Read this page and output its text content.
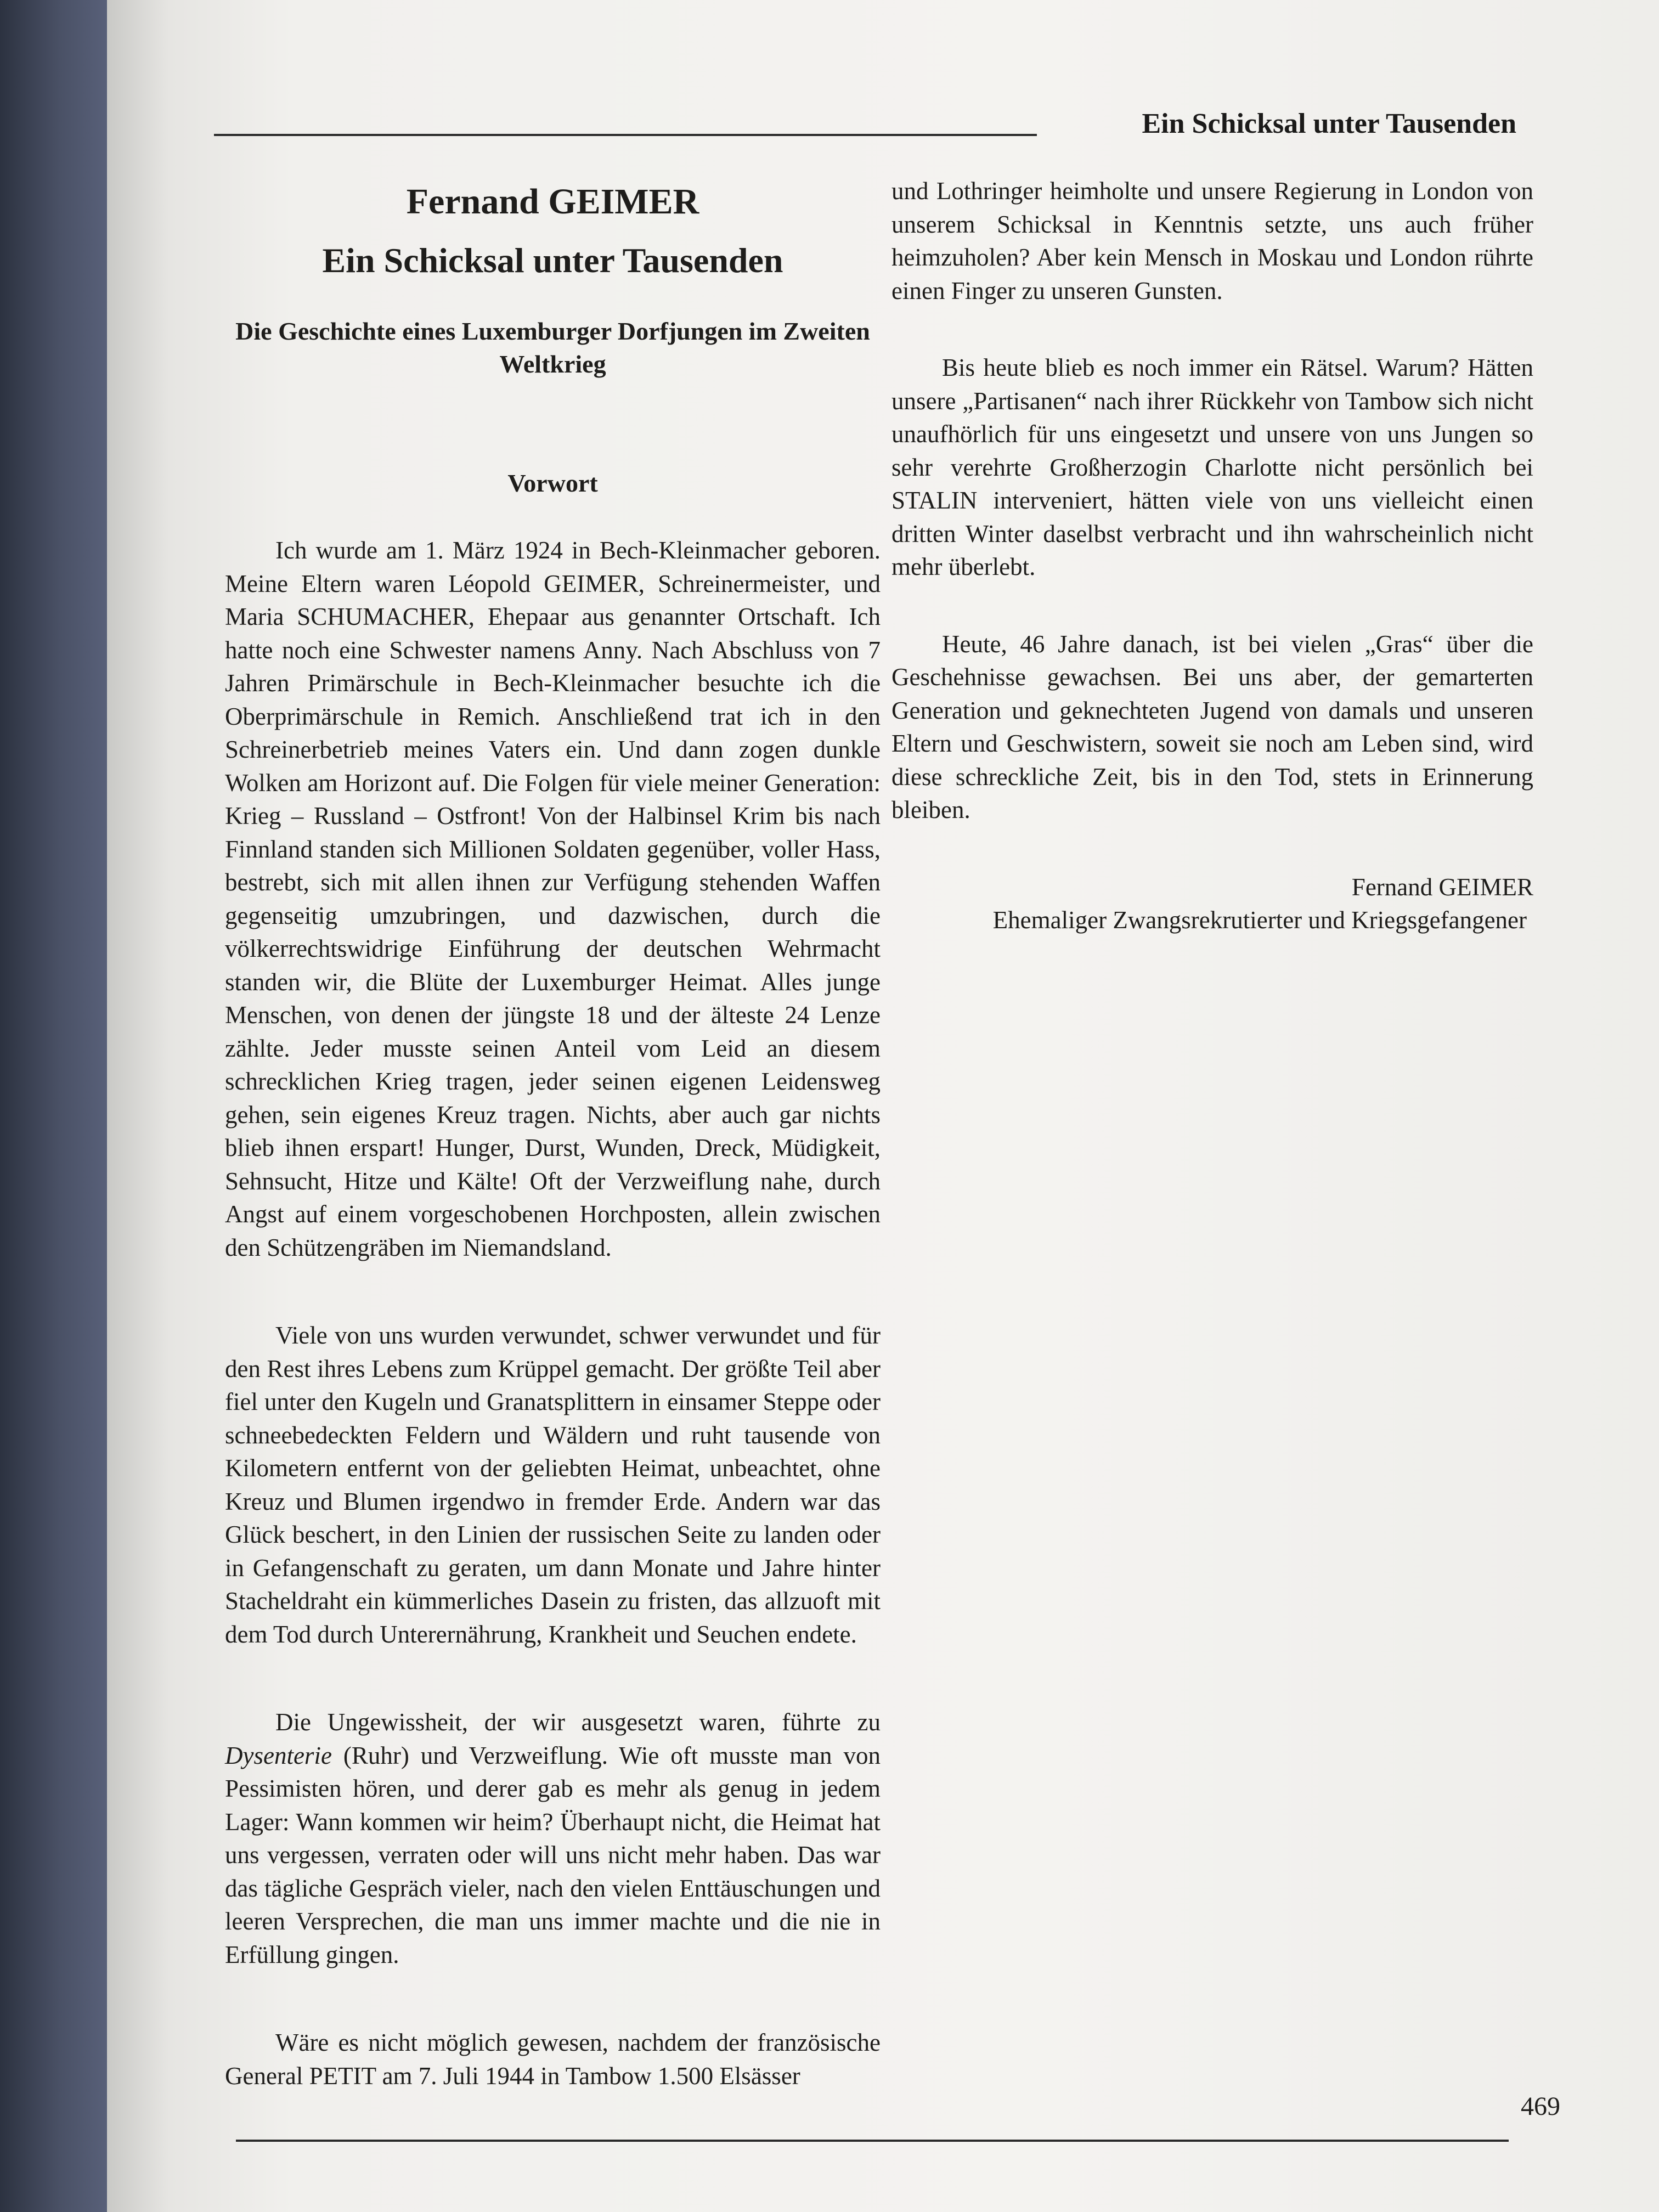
Ein Schicksal unter Tausenden
Fernand GEIMER
Ein Schicksal unter Tausenden
Die Geschichte eines Luxemburger Dorfjungen im Zweiten Weltkrieg
Vorwort

Ich wurde am 1. März 1924 in Bech-Kleinmacher geboren. Meine Eltern waren Léopold GEIMER, Schreinermeister, und Maria SCHUMACHER, Ehepaar aus genannter Ortschaft. Ich hatte noch eine Schwester namens Anny. Nach Abschluss von 7 Jahren Primärschule in Bech-Kleinmacher besuchte ich die Oberprimärschule in Remich. Anschließend trat ich in den Schreinerbetrieb meines Vaters ein. Und dann zogen dunkle Wolken am Horizont auf. Die Folgen für viele meiner Generation: Krieg – Russland – Ostfront! Von der Halbinsel Krim bis nach Finnland standen sich Millionen Soldaten gegenüber, voller Hass, bestrebt, sich mit allen ihnen zur Verfügung stehenden Waffen gegenseitig umzubringen, und dazwischen, durch die völkerrechtswidrige Einführung der deutschen Wehrmacht standen wir, die Blüte der Luxemburger Heimat. Alles junge Menschen, von denen der jüngste 18 und der älteste 24 Lenze zählte. Jeder musste seinen Anteil vom Leid an diesem schrecklichen Krieg tragen, jeder seinen eigenen Leidensweg gehen, sein eigenes Kreuz tragen. Nichts, aber auch gar nichts blieb ihnen erspart! Hunger, Durst, Wunden, Dreck, Müdigkeit, Sehnsucht, Hitze und Kälte! Oft der Verzweiflung nahe, durch Angst auf einem vorgeschobenen Horchposten, allein zwischen den Schützengräben im Niemandsland.

Viele von uns wurden verwundet, schwer verwundet und für den Rest ihres Lebens zum Krüppel gemacht. Der größte Teil aber fiel unter den Kugeln und Granatsplittern in einsamer Steppe oder schneebedeckten Feldern und Wäldern und ruht tausende von Kilometern entfernt von der geliebten Heimat, unbeachtet, ohne Kreuz und Blumen irgendwo in fremder Erde. Andern war das Glück beschert, in den Linien der russischen Seite zu landen oder in Gefangenschaft zu geraten, um dann Monate und Jahre hinter Stacheldraht ein kümmerliches Dasein zu fristen, das allzuoft mit dem Tod durch Unterernährung, Krankheit und Seuchen endete.

Die Ungewissheit, der wir ausgesetzt waren, führte zu Dysenterie (Ruhr) und Verzweiflung. Wie oft musste man von Pessimisten hören, und derer gab es mehr als genug in jedem Lager: Wann kommen wir heim? Überhaupt nicht, die Heimat hat uns vergessen, verraten oder will uns nicht mehr haben. Das war das tägliche Gespräch vieler, nach den vielen Enttäuschungen und leeren Versprechen, die man uns immer machte und die nie in Erfüllung gingen.

Wäre es nicht möglich gewesen, nachdem der französische General PETIT am 7. Juli 1944 in Tambow 1.500 Elsässer

und Lothringer heimholte und unsere Regierung in London von unserem Schicksal in Kenntnis setzte, uns auch früher heimzuholen? Aber kein Mensch in Moskau und London rührte einen Finger zu unseren Gunsten.

Bis heute blieb es noch immer ein Rätsel. Warum? Hätten unsere „Partisanen“ nach ihrer Rückkehr von Tambow sich nicht unaufhörlich für uns eingesetzt und unsere von uns Jungen so sehr verehrte Großherzogin Charlotte nicht persönlich bei STALIN interveniert, hätten viele von uns vielleicht einen dritten Winter daselbst verbracht und ihn wahrscheinlich nicht mehr überlebt.

Heute, 46 Jahre danach, ist bei vielen „Gras“ über die Geschehnisse gewachsen. Bei uns aber, der gemarterten Generation und geknechteten Jugend von damals und unseren Eltern und Geschwistern, soweit sie noch am Leben sind, wird diese schreckliche Zeit, bis in den Tod, stets in Erinnerung bleiben.

Fernand GEIMER

Ehemaliger Zwangsrekrutierter und Kriegsgefangener

469
